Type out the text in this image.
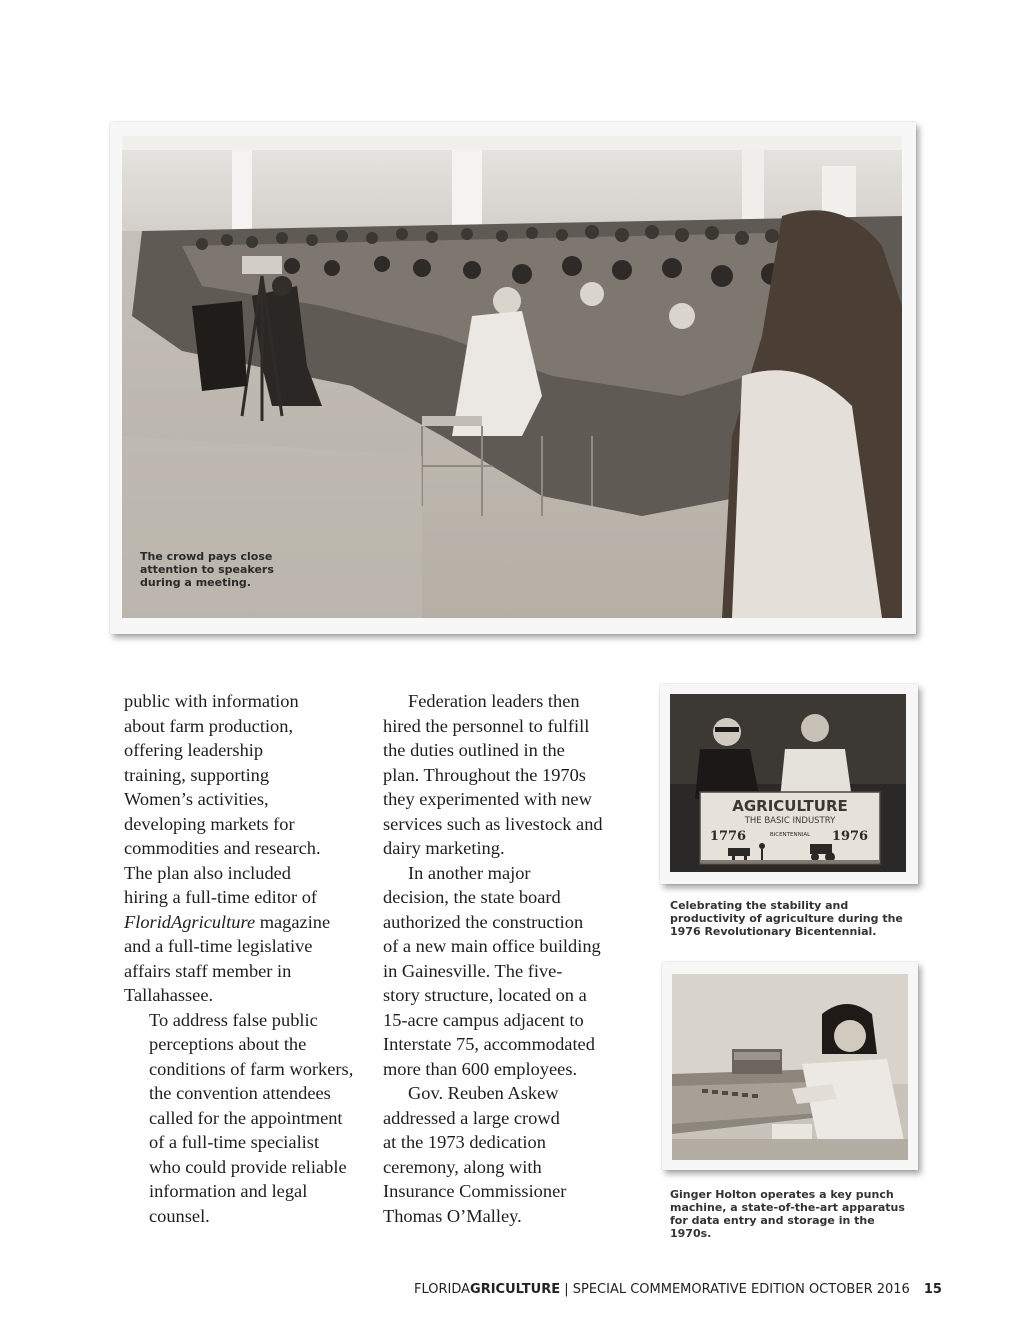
The crowd pays close attention to speakers during a meeting.
AGRICULTURE
THE BASIC INDUSTRY
1776	BICENTENNIAL 1976
Celebrating the stability and productivity of agriculture during the 1976 Revolutionary Bicentennial.
Ginger Holton operates a key punch machine, a state-of-the-art apparatus for data entry and storage in the 1970s.

public with information
about farm production,
offering leadership
training, supporting
Women’s activities,
developing markets for
commodities and research.
The plan also included
hiring a full-time editor of
FloridAgriculture magazine
and a full-time legislative
affairs staff member in
Tallahassee.

To address false public
perceptions about the
conditions of farm workers,
the convention attendees
called for the appointment
of a full-time specialist
who could provide reliable
information and legal
counsel.

Federation leaders then
hired the personnel to fulfill
the duties outlined in the
plan. Throughout the 1970s
they experimented with new
services such as livestock and
dairy marketing.

In another major
decision, the state board
authorized the construction
of a new main office building
in Gainesville. The five-
story structure, located on a
15-acre campus adjacent to
Interstate 75, accommodated
more than 600 employees.

Gov. Reuben Askew
addressed a large crowd
at the 1973 dedication
ceremony, along with
Insurance Commissioner
Thomas O’Malley.

FLORIDAGRICULTURE | SPECIAL COMMEMORATIVE EDITION OCTOBER 2016 15
